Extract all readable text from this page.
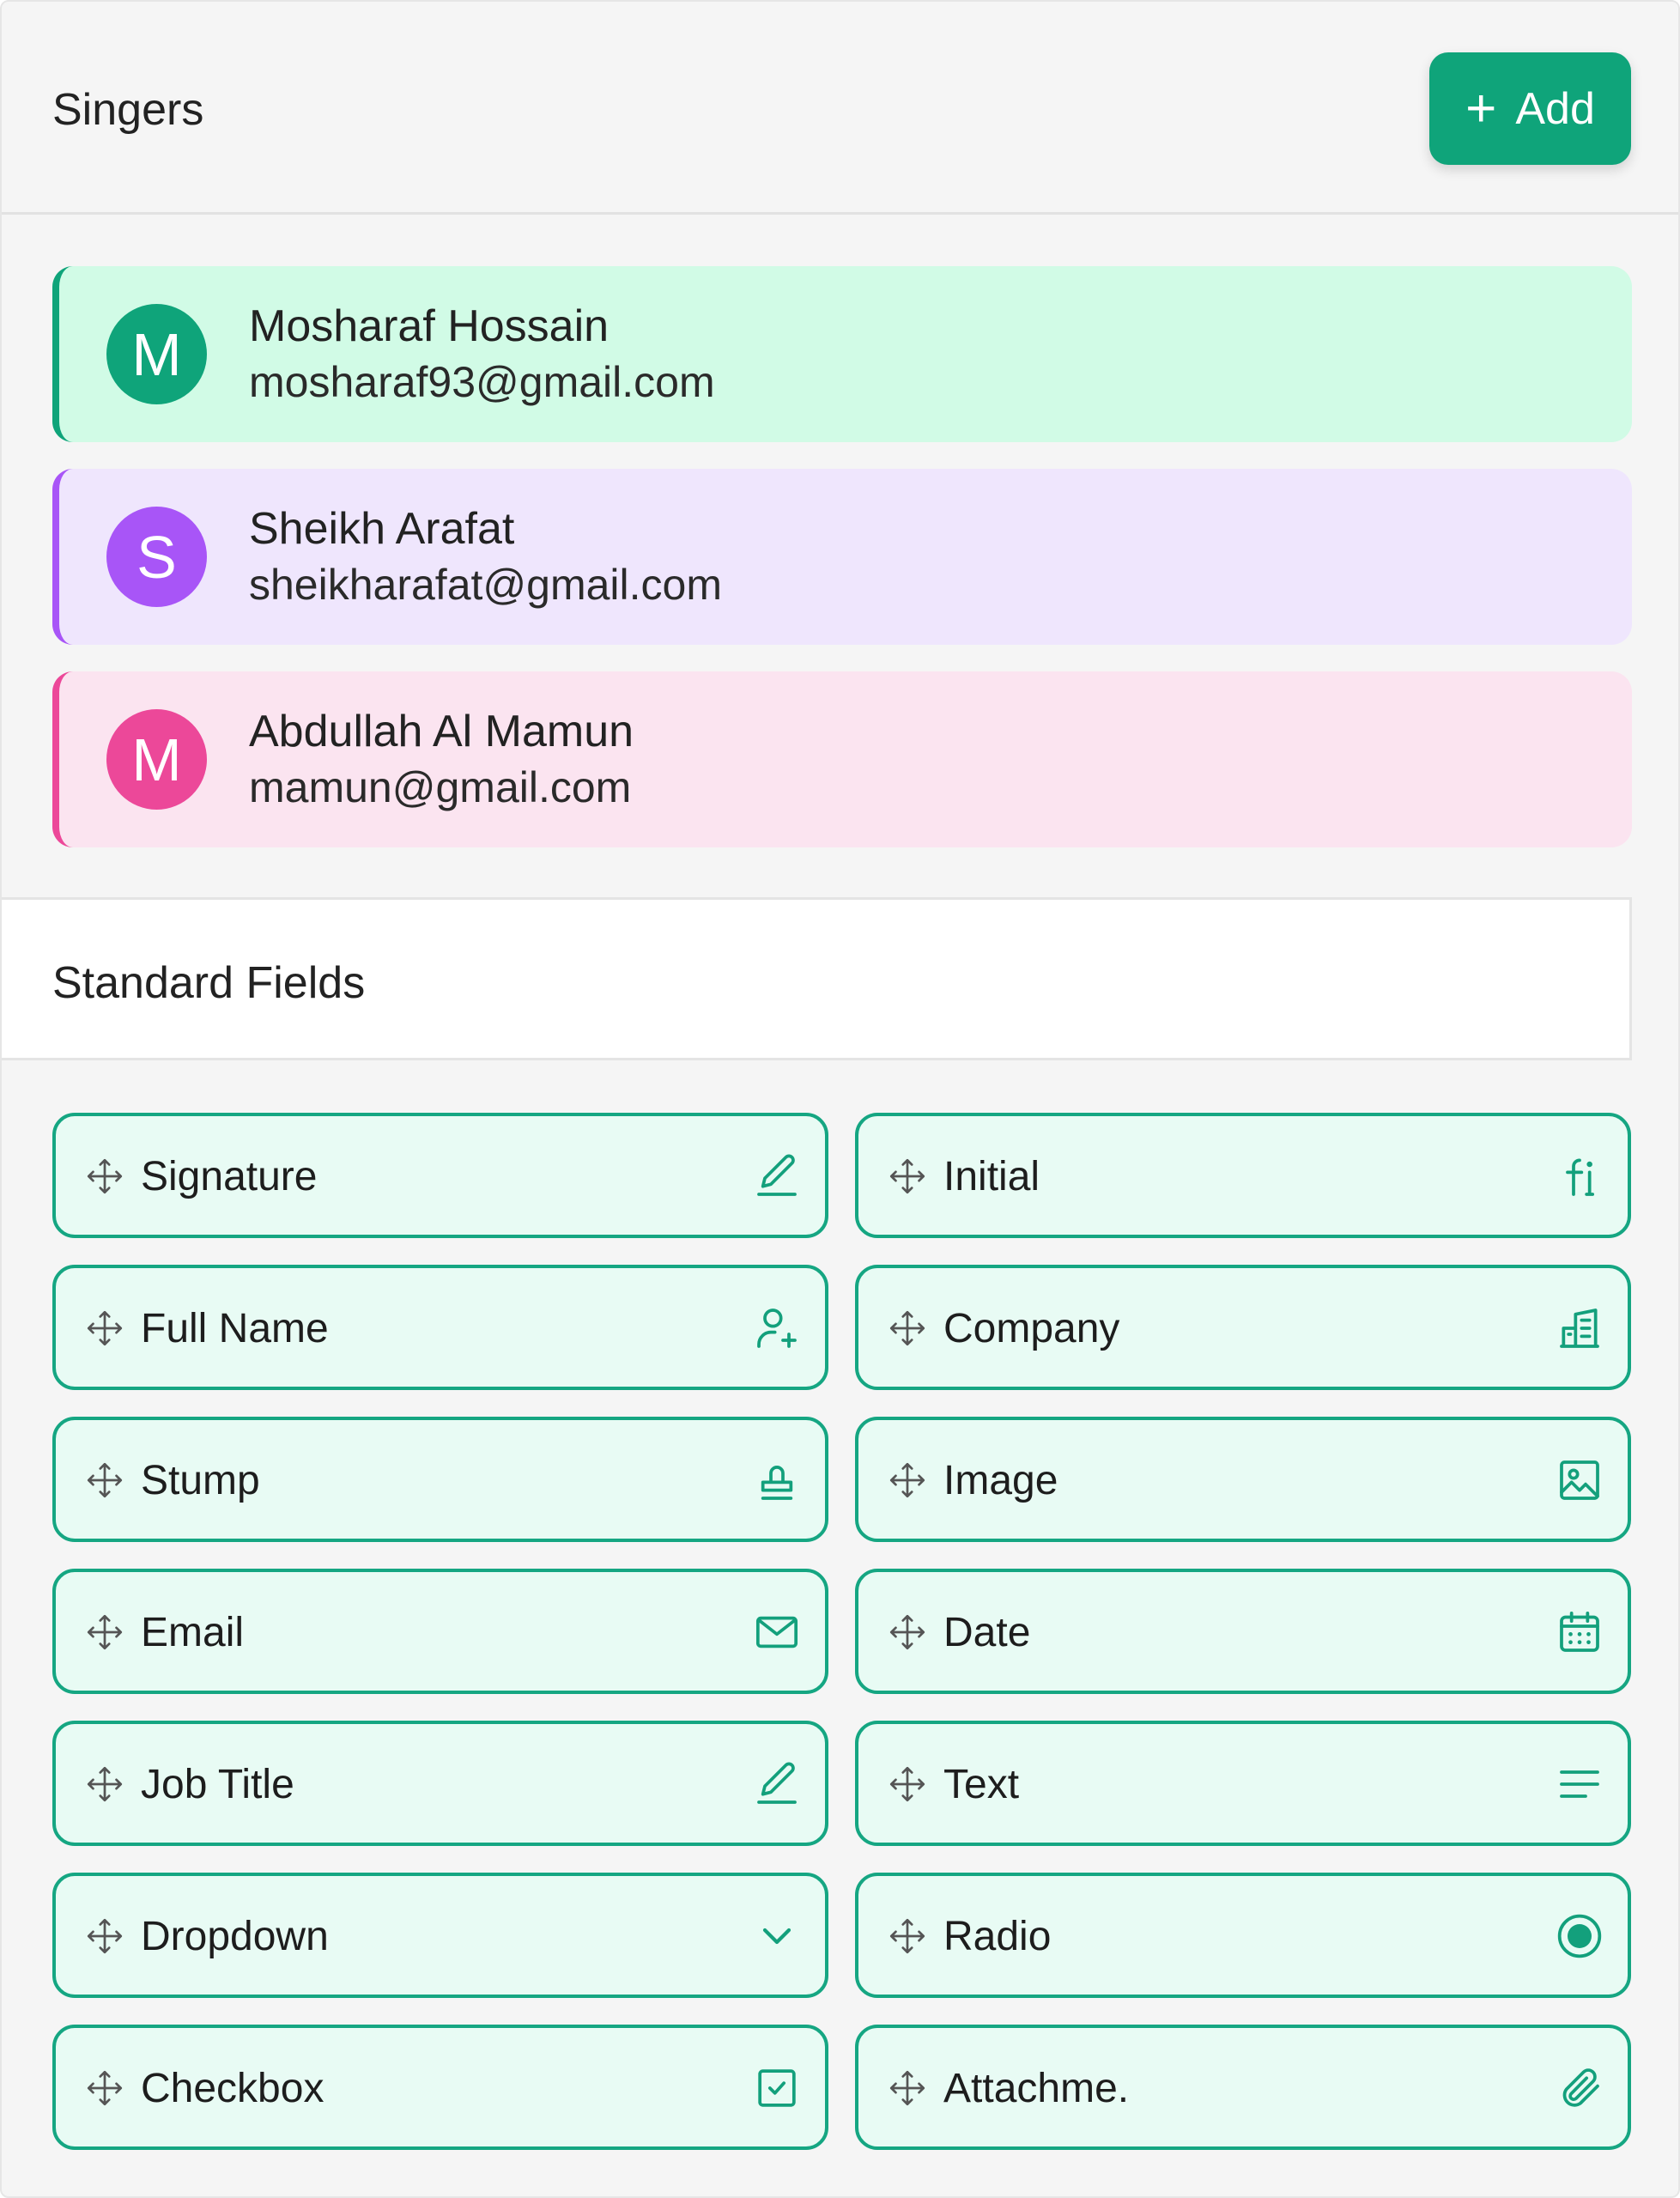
Singers	+ Add
M	Mosharaf Hossain
mosharaf93@gmail.com
S	Sheikh Arafat
sheikharafat@gmail.com
M	Abdullah Al Mamun
mamun@gmail.com
Standard Fields
Signature	Initial
Full Name	Company
Stump	Image
Email	Date
Job Title	Text
Dropdown	Radio
Checkbox	Attachme.
